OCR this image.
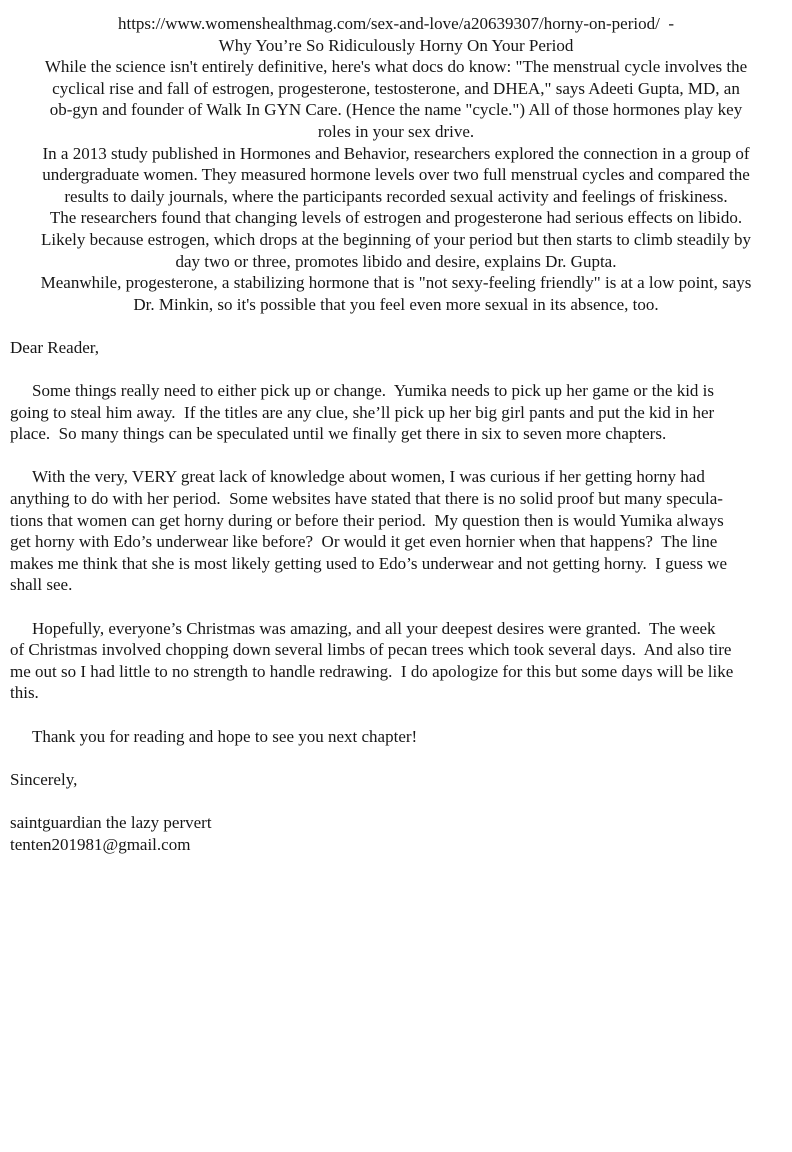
https://www.womenshealthmag.com/sex-and-love/a20639307/horny-on-period/  -
Why You’re So Ridiculously Horny On Your Period
While the science isn't entirely definitive, here's what docs do know: "The menstrual cycle involves the
cyclical rise and fall of estrogen, progesterone, testosterone, and DHEA," says Adeeti Gupta, MD, an
ob-gyn and founder of Walk In GYN Care. (Hence the name "cycle.") All of those hormones play key
roles in your sex drive.
In a 2013 study published in Hormones and Behavior, researchers explored the connection in a group of
undergraduate women. They measured hormone levels over two full menstrual cycles and compared the
results to daily journals, where the participants recorded sexual activity and feelings of friskiness.
The researchers found that changing levels of estrogen and progesterone had serious effects on libido.
Likely because estrogen, which drops at the beginning of your period but then starts to climb steadily by
day two or three, promotes libido and desire, explains Dr. Gupta.
Meanwhile, progesterone, a stabilizing hormone that is "not sexy-feeling friendly" is at a low point, says
Dr. Minkin, so it's possible that you feel even more sexual in its absence, too.
Dear Reader,
Some things really need to either pick up or change.  Yumika needs to pick up her game or the kid is
going to steal him away.  If the titles are any clue, she’ll pick up her big girl pants and put the kid in her
place.  So many things can be speculated until we finally get there in six to seven more chapters.
With the very, VERY great lack of knowledge about women, I was curious if her getting horny had
anything to do with her period.  Some websites have stated that there is no solid proof but many specula-
tions that women can get horny during or before their period.  My question then is would Yumika always
get horny with Edo’s underwear like before?  Or would it get even hornier when that happens?  The line
makes me think that she is most likely getting used to Edo’s underwear and not getting horny.  I guess we
shall see.
Hopefully, everyone’s Christmas was amazing, and all your deepest desires were granted.  The week
of Christmas involved chopping down several limbs of pecan trees which took several days.  And also tire
me out so I had little to no strength to handle redrawing.  I do apologize for this but some days will be like
this.
Thank you for reading and hope to see you next chapter!
Sincerely,
saintguardian the lazy pervert
tenten201981@gmail.com
